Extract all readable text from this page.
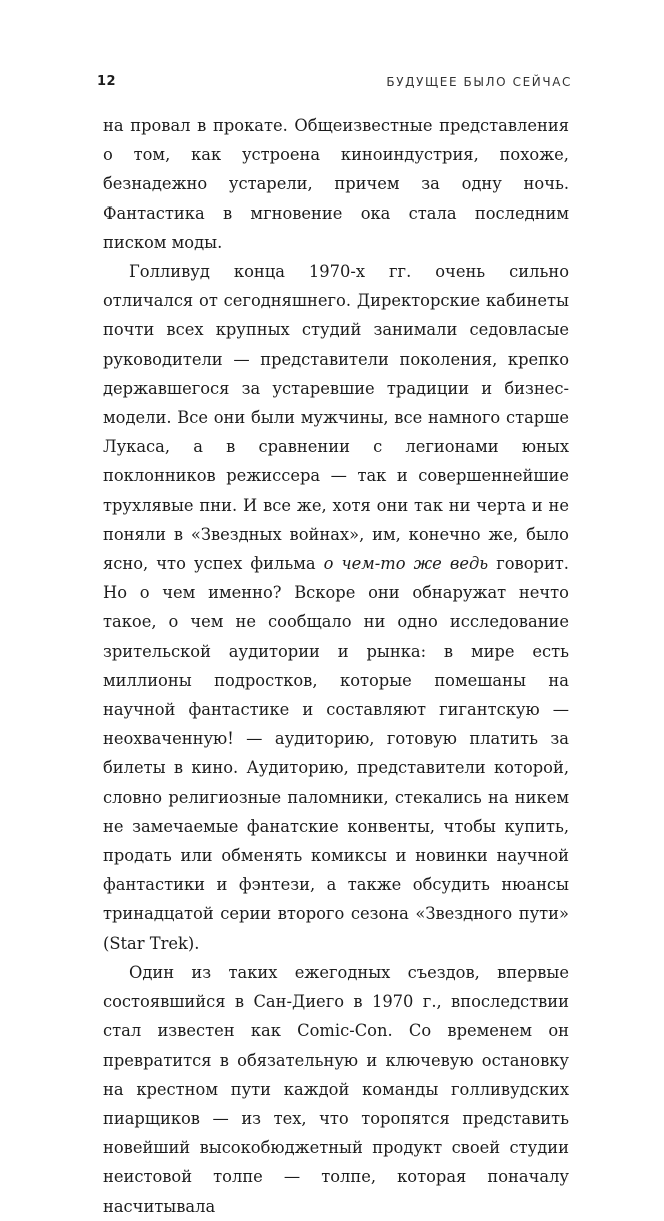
12	БУДУЩЕЕ БЫЛО СЕЙЧАС

на провал в прокате. Общеизвестные представления о том, как устроена киноиндустрия, похоже, безнадежно устарели, причем за одну ночь. Фантастика в мгновение ока стала последним писком моды.

Голливуд конца 1970-х гг. очень сильно отличался от сегодняшнего. Директорские кабинеты почти всех крупных студий занимали седовласые руководители — представители поколения, крепко державшегося за устаревшие традиции и бизнес-модели. Все они были мужчины, все намного старше Лукаса, а в сравнении с легионами юных поклонников режиссера — так и совершеннейшие трухлявые пни. И все же, хотя они так ни черта и не поняли в «Звездных войнах», им, конечно же, было ясно, что успех фильма о чем-то же ведь говорит. Но о чем именно? Вскоре они обнаружат нечто такое, о чем не сообщало ни одно исследование зрительской аудитории и рынка: в мире есть миллионы подростков, которые помешаны на научной фантастике и составляют гигантскую — неохваченную! — аудиторию, готовую платить за билеты в кино. Аудиторию, представители которой, словно религиозные паломники, стекались на никем не замечаемые фанатские конвенты, чтобы купить, продать или обменять комиксы и новинки научной фантастики и фэнтези, а также обсудить нюансы тринадцатой серии второго сезона «Звездного пути» (Star Trek).

Один из таких ежегодных съездов, впервые состоявшийся в Сан-Диего в 1970 г., впоследствии стал известен как Comic-Con. Со временем он превратится в обязательную и ключевую остановку на крестном пути каждой команды голливудских пиарщиков — из тех, что торопятся представить новейший высокобюджетный продукт своей студии неистовой толпе — толпе, которая поначалу насчитывала
